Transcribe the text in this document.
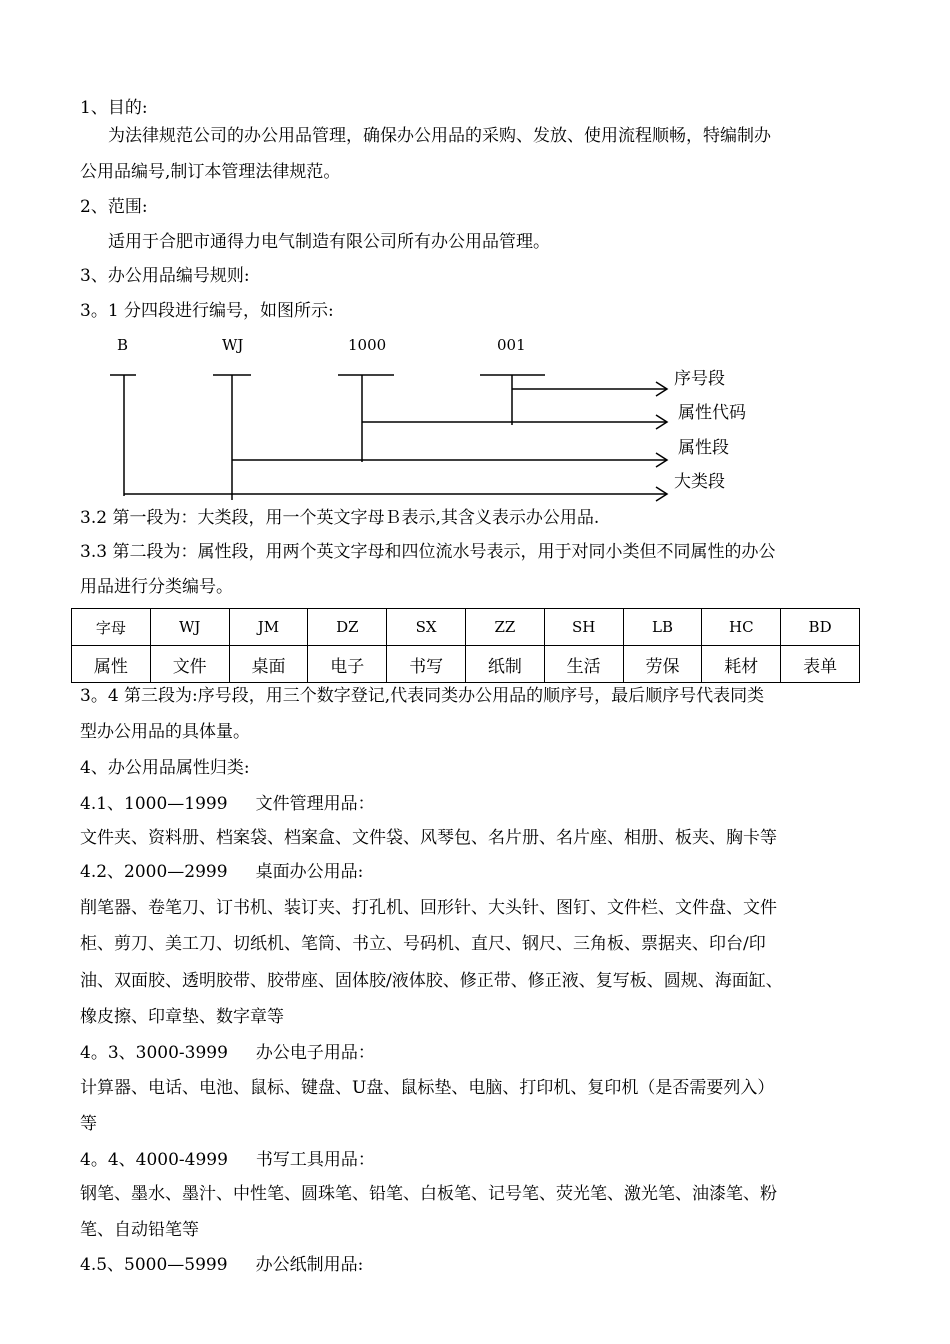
1、目的:
为法律规范公司的办公用品管理，确保办公用品的采购、发放、使用流程顺畅，特编制办
公用品编号,制订本管理法律规范。
2、范围:
适用于合肥市通得力电气制造有限公司所有办公用品管理。
3、办公用品编号规则:
3。1 分四段进行编号，如图所示:
B	WJ	1000	001
序号段
属性代码
属性段
大类段
3.2 第一段为：大类段，用一个英文字母Ｂ表示,其含义表示办公用品.
3.3 第二段为：属性段，用两个英文字母和四位流水号表示，用于对同小类但不同属性的办公
用品进行分类编号。
字母	WJ	JM	DZ	SX	ZZ	SH	LB	HC	BD
属性	文件	桌面	电子	书写	纸制	生活	劳保	耗材	表单
3。4 第三段为:序号段，用三个数字登记,代表同类办公用品的顺序号，最后顺序号代表同类
型办公用品的具体量。
4、办公用品属性归类:
4.1、1000—1999 文件管理用品：
文件夹、资料册、档案袋、档案盒、文件袋、风琴包、名片册、名片座、相册、板夹、胸卡等
4.2、2000—2999 桌面办公用品:
削笔器、卷笔刀、订书机、装订夹、打孔机、回形针、大头针、图钉、文件栏、文件盘、文件
柜、剪刀、美工刀、切纸机、笔筒、书立、号码机、直尺、钢尺、三角板、票据夹、印台/印
油、双面胶、透明胶带、胶带座、固体胶/液体胶、修正带、修正液、复写板、圆规、海面缸、
橡皮擦、印章垫、数字章等
4。3、3000-3999 办公电子用品：
计算器、电话、电池、鼠标、键盘、U盘、鼠标垫、电脑、打印机、复印机（是否需要列入）
等
4。4、4000-4999 书写工具用品：
钢笔、墨水、墨汁、中性笔、圆珠笔、铅笔、白板笔、记号笔、荧光笔、激光笔、油漆笔、粉
笔、自动铅笔等
4.5、5000—5999 办公纸制用品:
